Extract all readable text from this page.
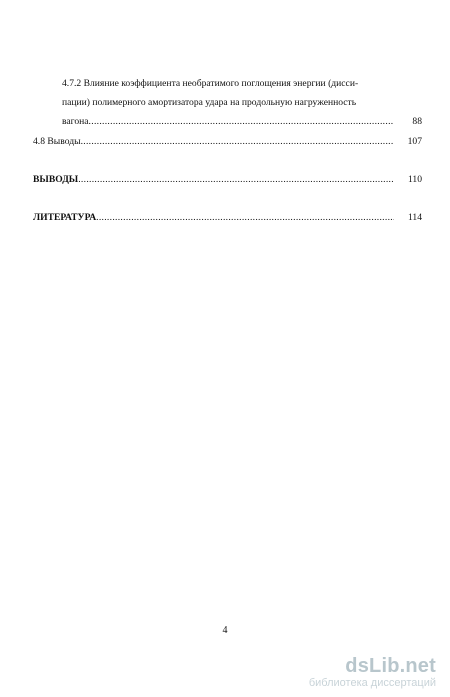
4.7.2 Влияние коэффициента необратимого поглощения энергии (дисси-
пации) полимерного амортизатора удара на продольную нагруженность
вагона .....	88
4.8 Выводы .....	107
ВЫВОДЫ .....	110
ЛИТЕРАТУРА .....	114
4
dsLib.net
библиотека диссертаций
